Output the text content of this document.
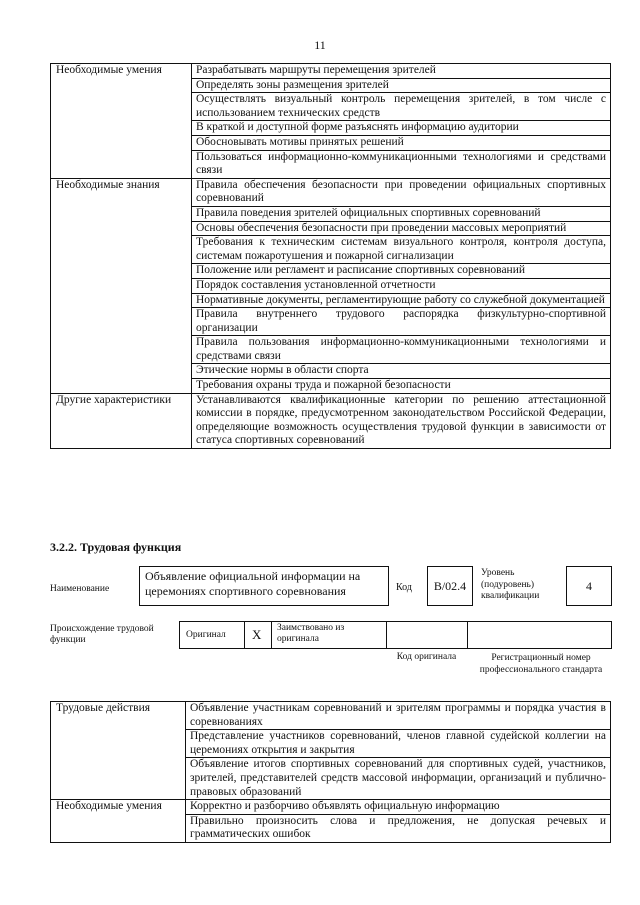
11
Необходимые умения	Разрабатывать маршруты перемещения зрителей
	Определять зоны размещения зрителей
	Осуществлять визуальный контроль перемещения зрителей, в том числе с использованием технических средств
	В краткой и доступной форме разъяснять информацию аудитории
	Обосновывать мотивы принятых решений
	Пользоваться информационно-коммуникационными технологиями и средствами связи
Необходимые знания	Правила обеспечения безопасности при проведении официальных спортивных соревнований
	Правила поведения зрителей официальных спортивных соревнований
	Основы обеспечения безопасности при проведении массовых мероприятий
	Требования к техническим системам визуального контроля, контроля доступа, системам пожаротушения и пожарной сигнализации
	Положение или регламент и расписание спортивных соревнований
	Порядок составления установленной отчетности
	Нормативные документы, регламентирующие работу со служебной документацией
	Правила внутреннего трудового распорядка физкультурно-спортивной организации
	Правила пользования информационно-коммуникационными технологиями и средствами связи
	Этические нормы в области спорта
	Требования охраны труда и пожарной безопасности
Другие характеристики	Устанавливаются квалификационные категории по решению аттестационной комиссии в порядке, предусмотренном законодательством Российской Федерации, определяющие возможность осуществления трудовой функции в зависимости от статуса спортивных соревнований
3.2.2. Трудовая функция
Наименование
Объявление официальной информации на церемониях спортивного соревнования	Код B/02.4
Уровень (подуровень) квалификации
4
Происхождение трудовой функции	Оригинал X Заимствовано из оригинала
Код оригинала	Регистрационный номер профессионального стандарта
Трудовые действия	Объявление участникам соревнований и зрителям программы и порядка участия в соревнованиях
	Представление участников соревнований, членов главной судейской коллегии на церемониях открытия и закрытия
	Объявление итогов спортивных соревнований для спортивных судей, участников, зрителей, представителей средств массовой информации, организаций и публично-правовых образований
Необходимые умения	Корректно и разборчиво объявлять официальную информацию
	Правильно произносить слова и предложения, не допуская речевых и грамматических ошибок
